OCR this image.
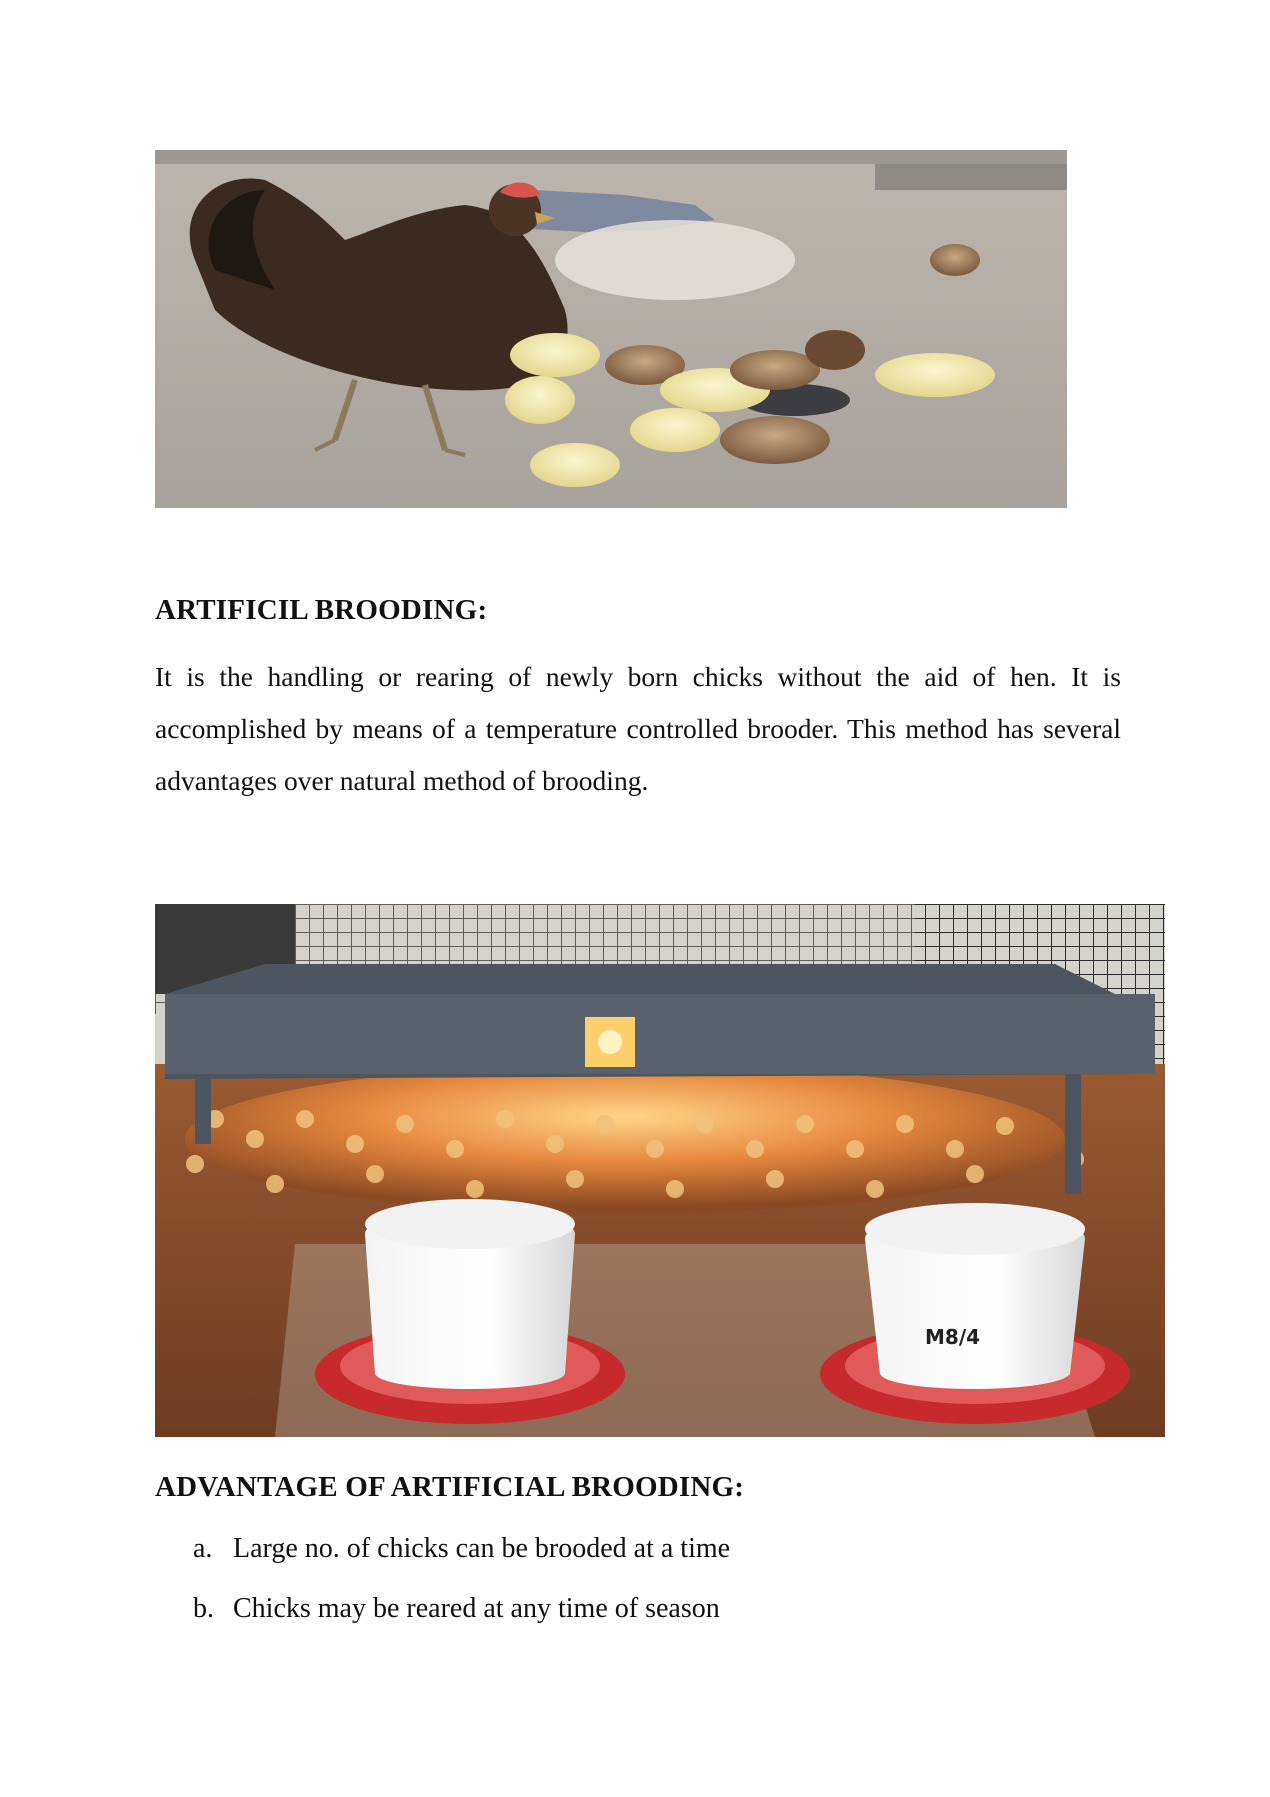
ARTIFICIL BROODING:

It is the handling or rearing of newly born chicks without the aid of hen. It is accomplished by means of a temperature controlled brooder. This method has several advantages over natural method of brooding.

M8/4
ADVANTAGE OF ARTIFICIAL BROODING:
a. Large no. of chicks can be brooded at a time
b. Chicks may be reared at any time of season
